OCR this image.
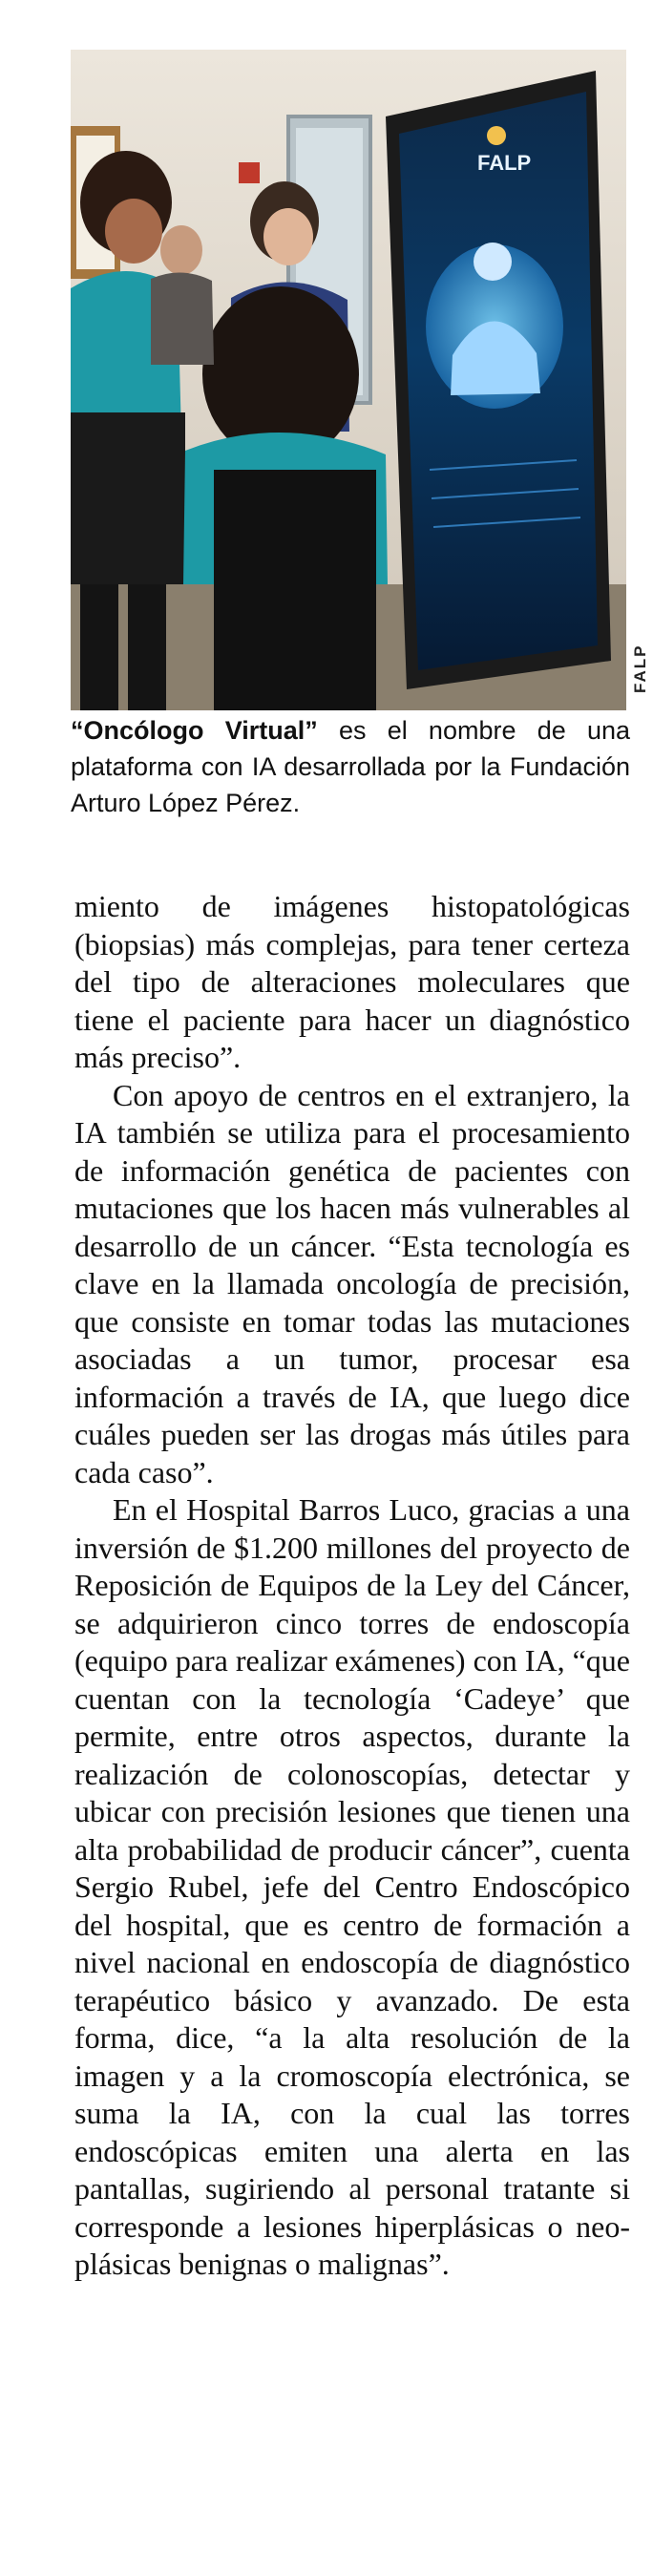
FALP
FALP

“Oncólogo Virtual” es el nombre de una plataforma con IA desarrollada por la Fundación Arturo López Pérez.

miento de imágenes histopatológicas (biopsias) más complejas, para tener certeza del tipo de alteraciones moleculares que tiene el paciente para hacer un diagnóstico más preciso”.

Con apoyo de centros en el extranjero, la IA también se utiliza para el procesamiento de información genética de pacientes con mutaciones que los hacen más vulnerables al desarrollo de un cáncer. “Esta tecnología es clave en la llamada oncología de precisión, que consiste en tomar todas las mutaciones asociadas a un tumor, procesar esa información a través de IA, que luego dice cuáles pueden ser las drogas más útiles para cada caso”.

En el Hospital Barros Luco, gracias a una inversión de $1.200 millones del proyecto de Reposición de Equipos de la Ley del Cáncer, se adquirieron cinco torres de endoscopía (equipo para realizar exámenes) con IA, “que cuentan con la tecnología ‘Cadeye’ que permite, entre otros aspectos, durante la realización de colonoscopías, detectar y ubicar con precisión lesiones que tienen una alta probabilidad de producir cáncer”, cuenta Sergio Rubel, jefe del Centro Endoscópico del hospital, que es centro de formación a nivel nacional en endoscopía de diagnóstico terapéutico básico y avanzado. De esta forma, dice, “a la alta resolución de la imagen y a la cromoscopía electrónica, se suma la IA, con la cual las torres endoscópicas emiten una alerta en las pantallas, sugiriendo al personal tratante si corresponde a lesiones hiperplásicas o neoplásicas benignas o malignas”.
